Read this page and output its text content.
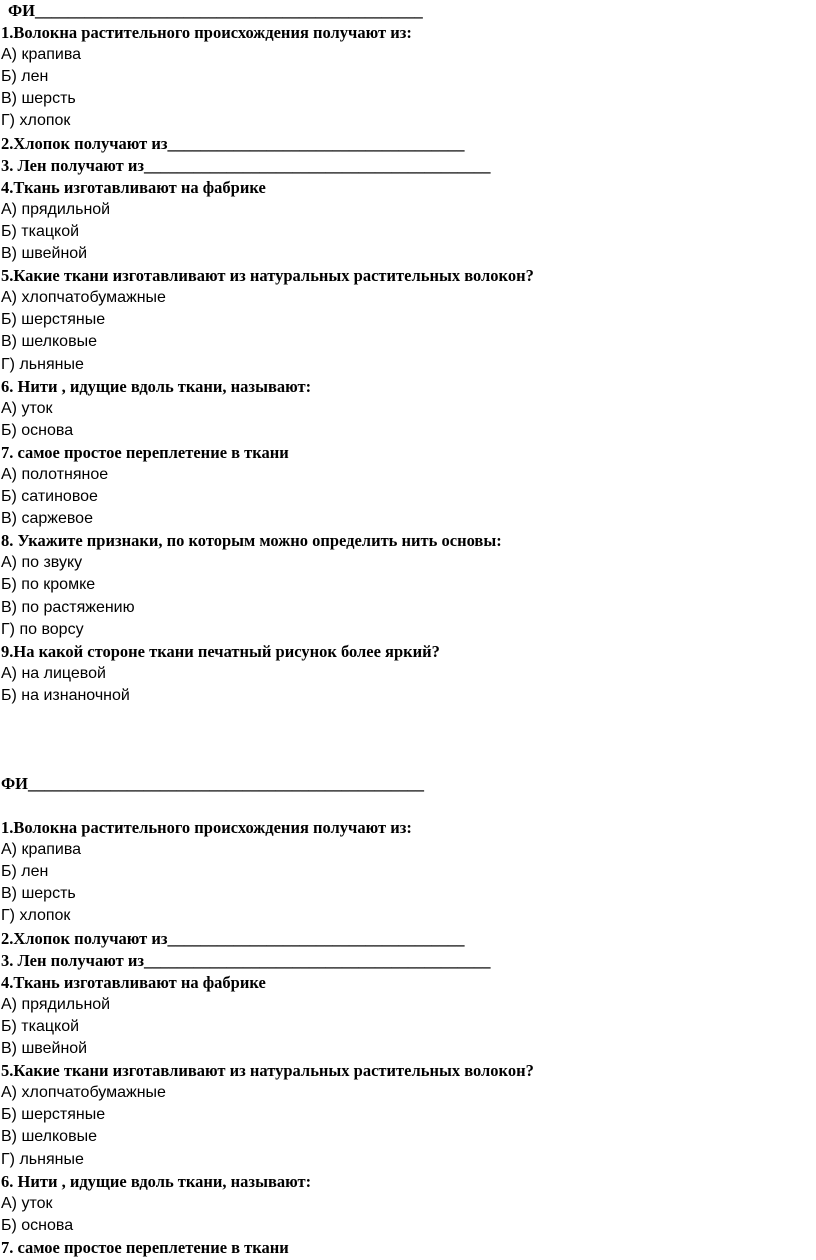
ФИ_______________________________________________
1.Волокна растительного происхождения получают из:
А) крапива
Б) лен
В) шерсть
Г) хлопок
2.Хлопок получают из____________________________________
3. Лен получают из__________________________________________
4.Ткань изготавливают на фабрике
А) прядильной
Б) ткацкой
В) швейной
5.Какие ткани изготавливают из натуральных растительных волокон?
А) хлопчатобумажные
Б) шерстяные
В) шелковые
Г) льняные
6. Нити , идущие вдоль ткани, называют:
А) уток
Б) основа
7. самое простое переплетение в ткани
А) полотняное
Б) сатиновое
В) саржевое
8. Укажите признаки, по которым можно определить нить основы:
А) по звуку
Б) по кромке
В) по растяжению
Г) по ворсу
9.На какой стороне ткани печатный рисунок более яркий?
А) на лицевой
Б) на изнаночной
ФИ________________________________________________
1.Волокна растительного происхождения получают из:
А) крапива
Б) лен
В) шерсть
Г) хлопок
2.Хлопок получают из____________________________________
3. Лен получают из__________________________________________
4.Ткань изготавливают на фабрике
А) прядильной
Б) ткацкой
В) швейной
5.Какие ткани изготавливают из натуральных растительных волокон?
А) хлопчатобумажные
Б) шерстяные
В) шелковые
Г) льняные
6. Нити , идущие вдоль ткани, называют:
А) уток
Б) основа
7. самое простое переплетение в ткани
